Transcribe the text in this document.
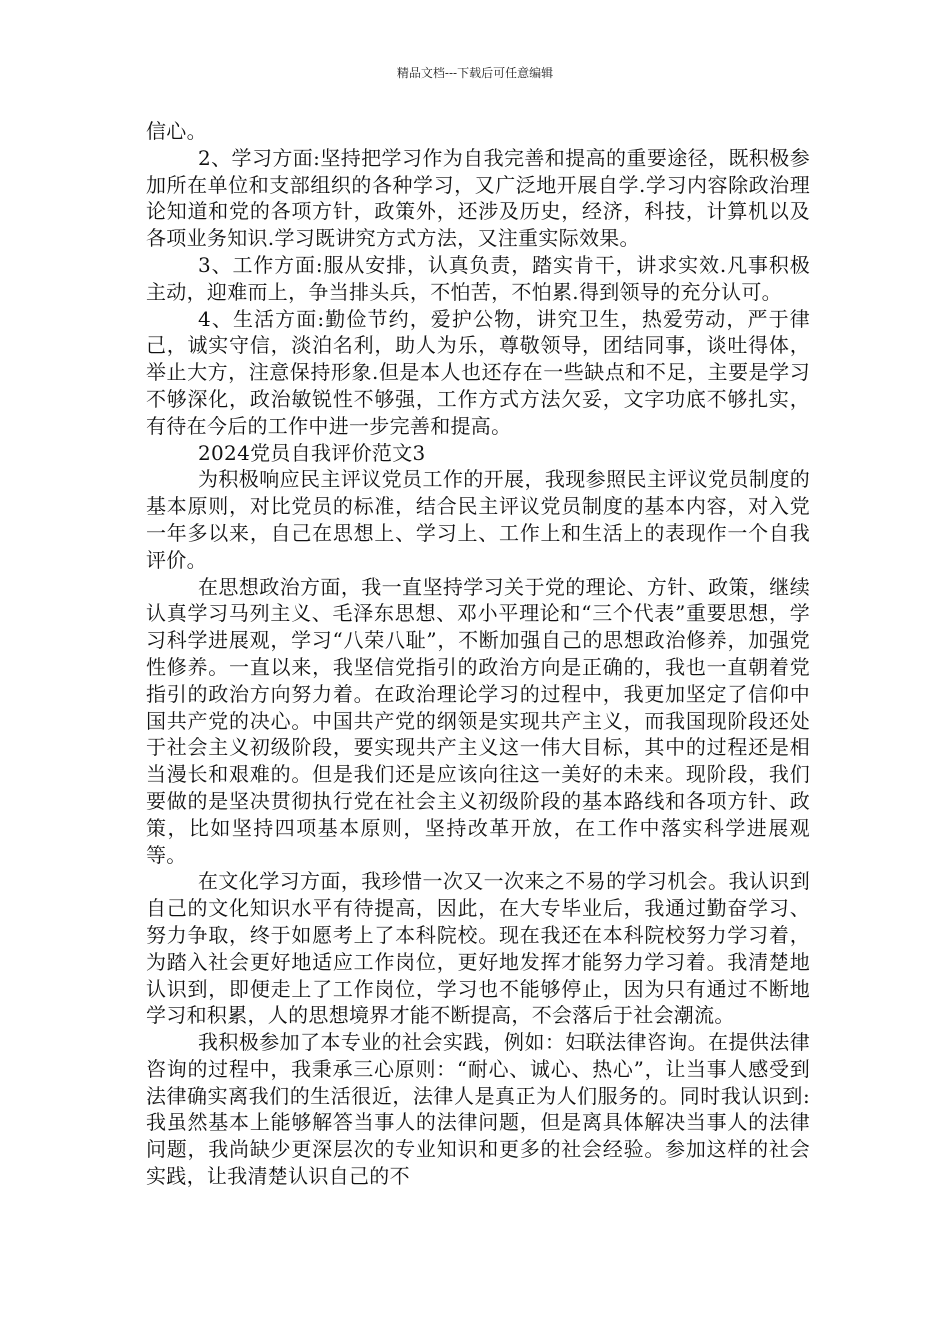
精品文档---下载后可任意编辑

信心。

2、学习方面:坚持把学习作为自我完善和提高的重要途径，既积极参加所在单位和支部组织的各种学习，又广泛地开展自学.学习内容除政治理论知道和党的各项方针，政策外，还涉及历史，经济，科技，计算机以及各项业务知识.学习既讲究方式方法，又注重实际效果。

3、工作方面:服从安排，认真负责，踏实肯干，讲求实效.凡事积极主动，迎难而上，争当排头兵，不怕苦，不怕累.得到领导的充分认可。

4、生活方面:勤俭节约，爱护公物，讲究卫生，热爱劳动，严于律己，诚实守信，淡泊名利，助人为乐，尊敬领导，团结同事，谈吐得体，举止大方，注意保持形象.但是本人也还存在一些缺点和不足，主要是学习不够深化，政治敏锐性不够强，工作方式方法欠妥，文字功底不够扎实，有待在今后的工作中进一步完善和提高。

2024党员自我评价范文3

为积极响应民主评议党员工作的开展，我现参照民主评议党员制度的基本原则，对比党员的标准，结合民主评议党员制度的基本内容，对入党一年多以来，自己在思想上、学习上、工作上和生活上的表现作一个自我评价。

在思想政治方面，我一直坚持学习关于党的理论、方针、政策，继续认真学习马列主义、毛泽东思想、邓小平理论和“三个代表”重要思想，学习科学进展观，学习“八荣八耻”，不断加强自己的思想政治修养，加强党性修养。一直以来，我坚信党指引的政治方向是正确的，我也一直朝着党指引的政治方向努力着。在政治理论学习的过程中，我更加坚定了信仰中国共产党的决心。中国共产党的纲领是实现共产主义，而我国现阶段还处于社会主义初级阶段，要实现共产主义这一伟大目标，其中的过程还是相当漫长和艰难的。但是我们还是应该向往这一美好的未来。现阶段，我们要做的是坚决贯彻执行党在社会主义初级阶段的基本路线和各项方针、政策，比如坚持四项基本原则，坚持改革开放，在工作中落实科学进展观等。

在文化学习方面，我珍惜一次又一次来之不易的学习机会。我认识到自己的文化知识水平有待提高，因此，在大专毕业后，我通过勤奋学习、努力争取，终于如愿考上了本科院校。现在我还在本科院校努力学习着，为踏入社会更好地适应工作岗位，更好地发挥才能努力学习着。我清楚地认识到，即便走上了工作岗位，学习也不能够停止，因为只有通过不断地学习和积累，人的思想境界才能不断提高，不会落后于社会潮流。

我积极参加了本专业的社会实践，例如：妇联法律咨询。在提供法律咨询的过程中，我秉承三心原则：“耐心、诚心、热心”，让当事人感受到法律确实离我们的生活很近，法律人是真正为人们服务的。同时我认识到:我虽然基本上能够解答当事人的法律问题，但是离具体解决当事人的法律问题，我尚缺少更深层次的专业知识和更多的社会经验。参加这样的社会实践，让我清楚认识自己的不
